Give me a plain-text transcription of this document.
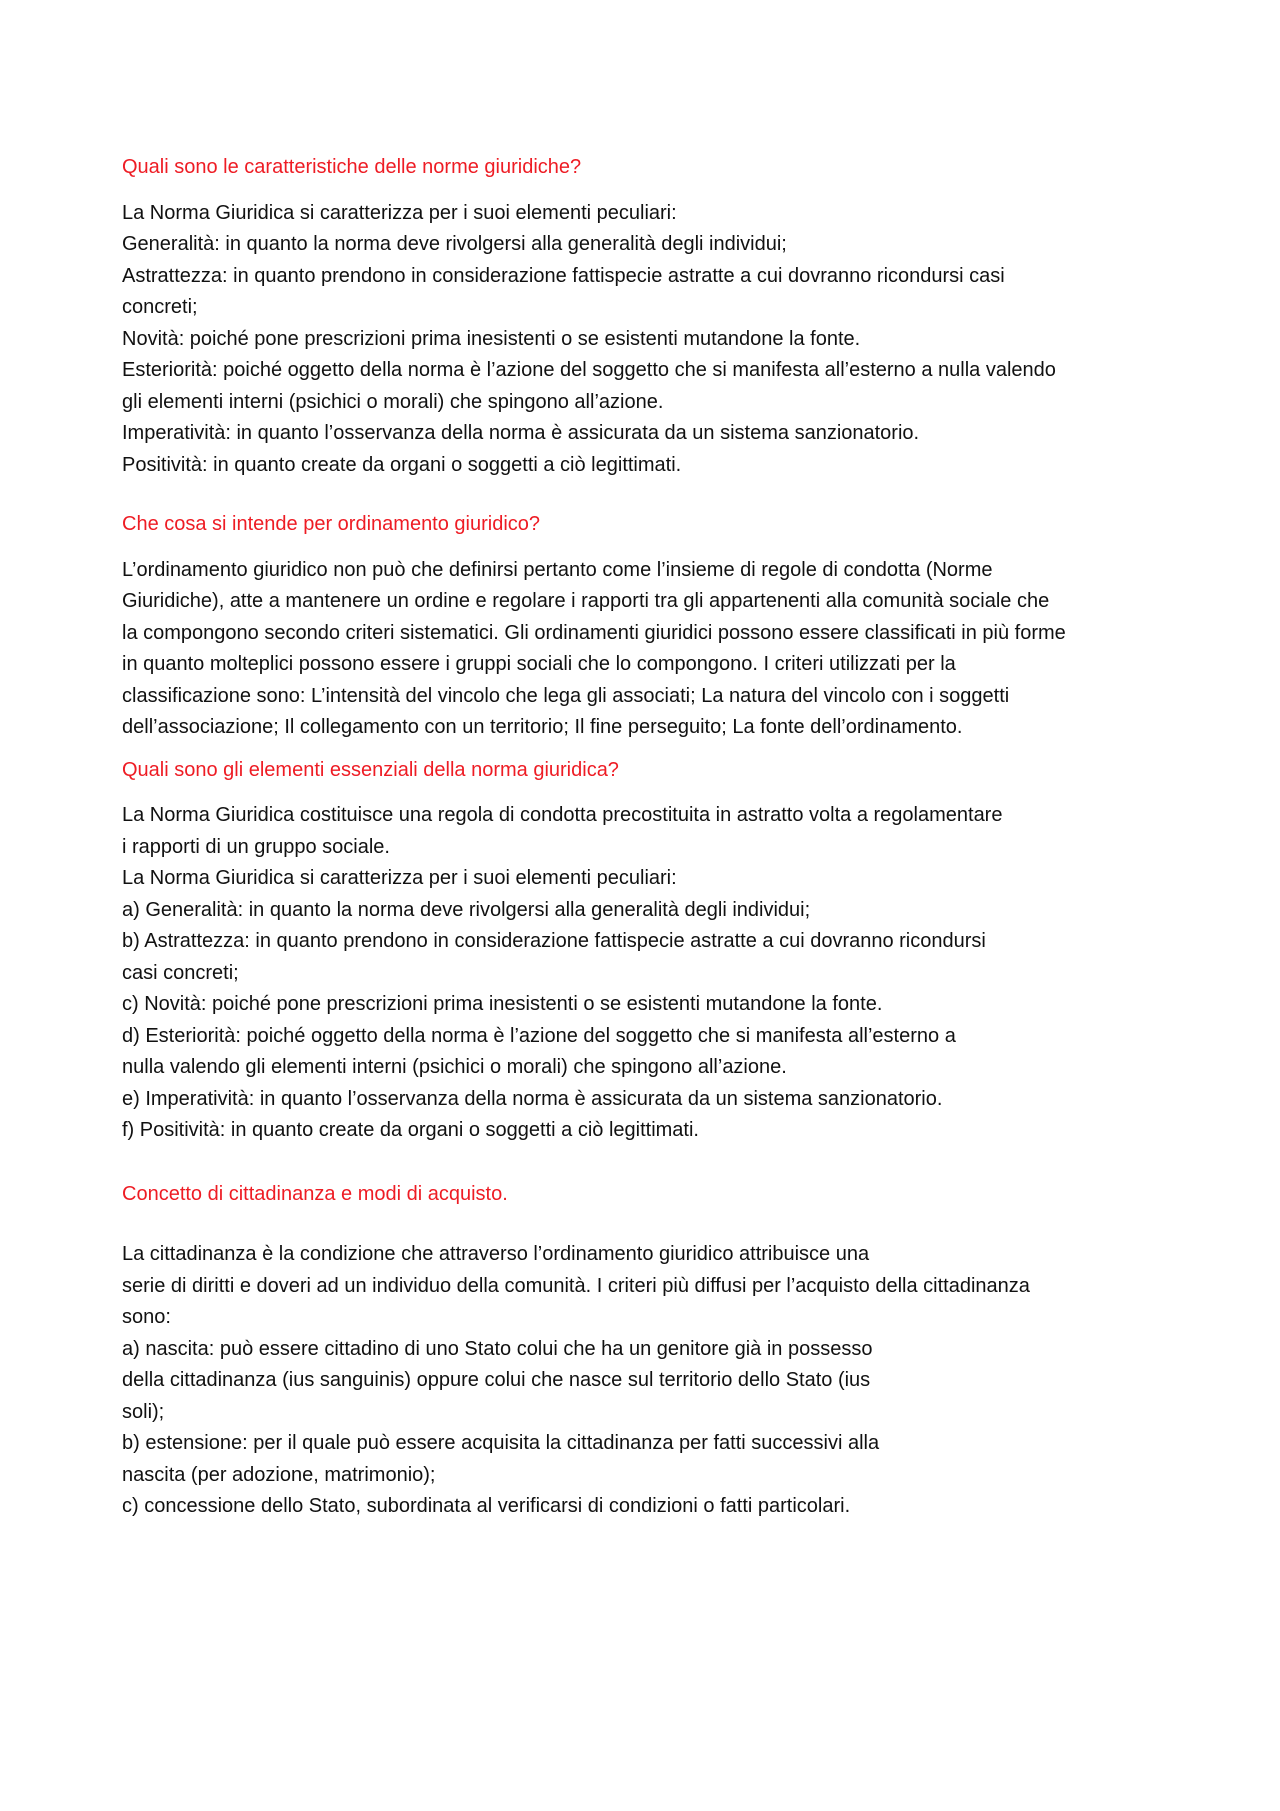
Quali sono le caratteristiche delle norme giuridiche?

La Norma Giuridica si caratterizza per i suoi elementi peculiari:
Generalità: in quanto la norma deve rivolgersi alla generalità degli individui;
Astrattezza: in quanto prendono in considerazione fattispecie astratte a cui dovranno ricondursi casi
concreti;
Novità: poiché pone prescrizioni prima inesistenti o se esistenti mutandone la fonte.
Esteriorità: poiché oggetto della norma è l’azione del soggetto che si manifesta all’esterno a nulla valendo
gli elementi interni (psichici o morali) che spingono all’azione.
Imperatività: in quanto l’osservanza della norma è assicurata da un sistema sanzionatorio.
Positività: in quanto create da organi o soggetti a ciò legittimati.

Che cosa si intende per ordinamento giuridico?

L’ordinamento giuridico non può che definirsi pertanto come l’insieme di regole di condotta (Norme
Giuridiche), atte a mantenere un ordine e regolare i rapporti tra gli appartenenti alla comunità sociale che
la compongono secondo criteri sistematici. Gli ordinamenti giuridici possono essere classificati in più forme
in quanto molteplici possono essere i gruppi sociali che lo compongono. I criteri utilizzati per la
classificazione sono: L’intensità del vincolo che lega gli associati; La natura del vincolo con i soggetti
dell’associazione; Il collegamento con un territorio; Il fine perseguito; La fonte dell’ordinamento.

Quali sono gli elementi essenziali della norma giuridica?

La Norma Giuridica costituisce una regola di condotta precostituita in astratto volta a regolamentare
i rapporti di un gruppo sociale.
La Norma Giuridica si caratterizza per i suoi elementi peculiari:
a) Generalità: in quanto la norma deve rivolgersi alla generalità degli individui;
b) Astrattezza: in quanto prendono in considerazione fattispecie astratte a cui dovranno ricondursi
casi concreti;
c) Novità: poiché pone prescrizioni prima inesistenti o se esistenti mutandone la fonte.
d) Esteriorità: poiché oggetto della norma è l’azione del soggetto che si manifesta all’esterno a
nulla valendo gli elementi interni (psichici o morali) che spingono all’azione.
e) Imperatività: in quanto l’osservanza della norma è assicurata da un sistema sanzionatorio.
f) Positività: in quanto create da organi o soggetti a ciò legittimati.

Concetto di cittadinanza e modi di acquisto.

La cittadinanza è la condizione che attraverso l’ordinamento giuridico attribuisce una
serie di diritti e doveri ad un individuo della comunità. I criteri più diffusi per l’acquisto della cittadinanza
sono:
a) nascita: può essere cittadino di uno Stato colui che ha un genitore già in possesso
della cittadinanza (ius sanguinis) oppure colui che nasce sul territorio dello Stato (ius
soli);
b) estensione: per il quale può essere acquisita la cittadinanza per fatti successivi alla
nascita (per adozione, matrimonio);
c) concessione dello Stato, subordinata al verificarsi di condizioni o fatti particolari.
